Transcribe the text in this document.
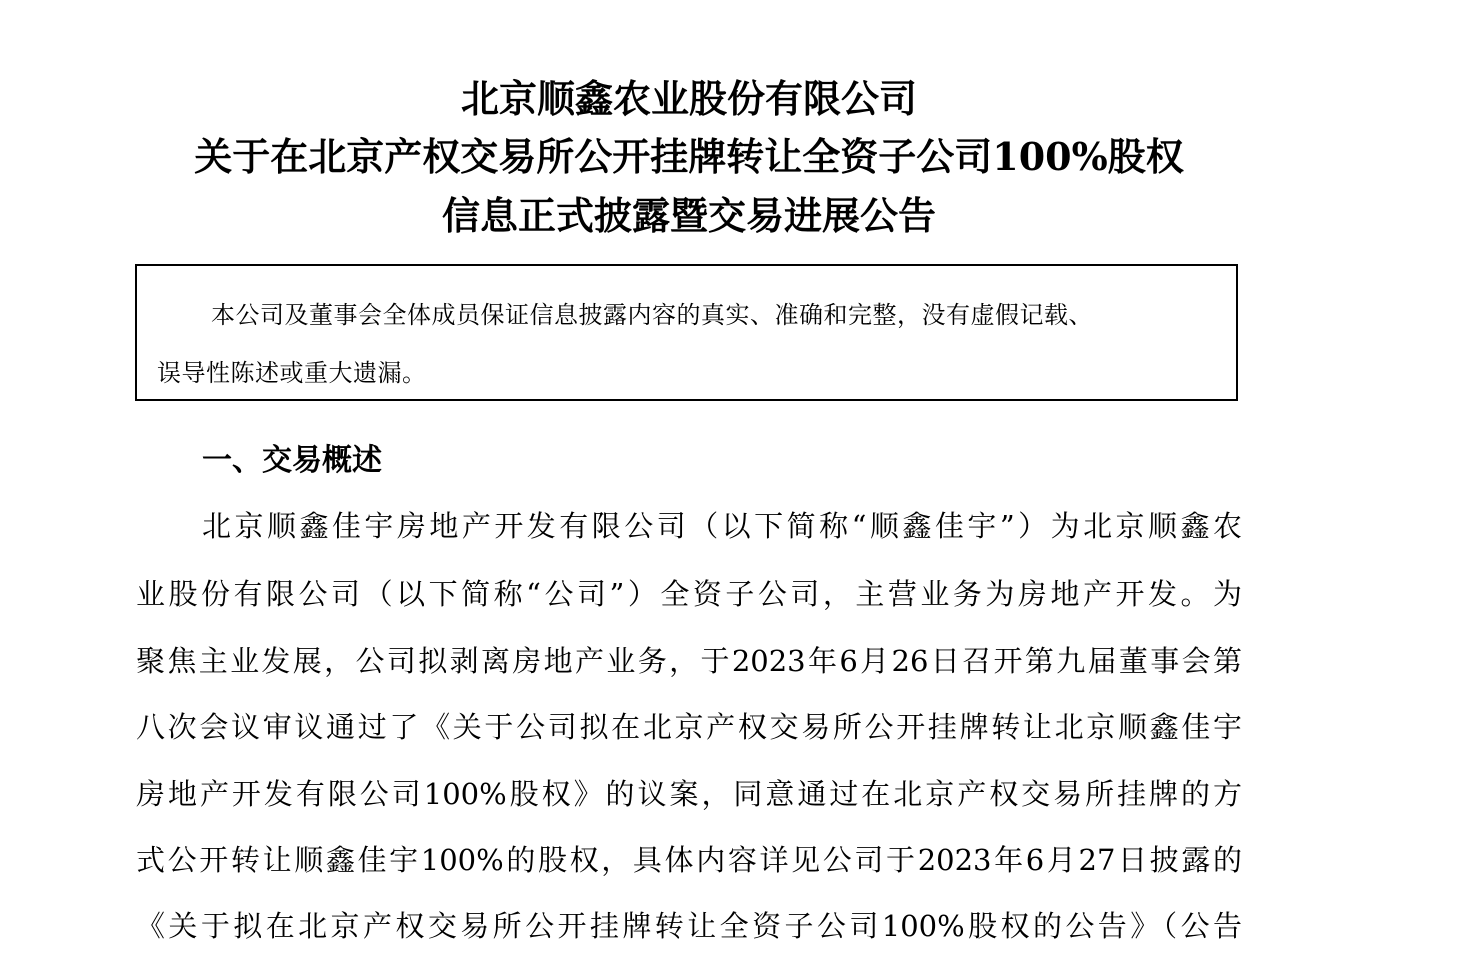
北京顺鑫农业股份有限公司
关于在北京产权交易所公开挂牌转让全资子公司100%股权
信息正式披露暨交易进展公告
本公司及董事会全体成员保证信息披露内容的真实、准确和完整，没有虚假记载、
误导性陈述或重大遗漏。
一、交易概述
北京顺鑫佳宇房地产开发有限公司（以下简称“顺鑫佳宇”）为北京顺鑫农
业股份有限公司（以下简称“公司”）全资子公司，主营业务为房地产开发。为
聚焦主业发展，公司拟剥离房地产业务，于2023年6月26日召开第九届董事会第
八次会议审议通过了《关于公司拟在北京产权交易所公开挂牌转让北京顺鑫佳宇
房地产开发有限公司100%股权》的议案，同意通过在北京产权交易所挂牌的方
式公开转让顺鑫佳宇100%的股权，具体内容详见公司于2023年6月27日披露的
《关于拟在北京产权交易所公开挂牌转让全资子公司100%股权的公告》（公告
